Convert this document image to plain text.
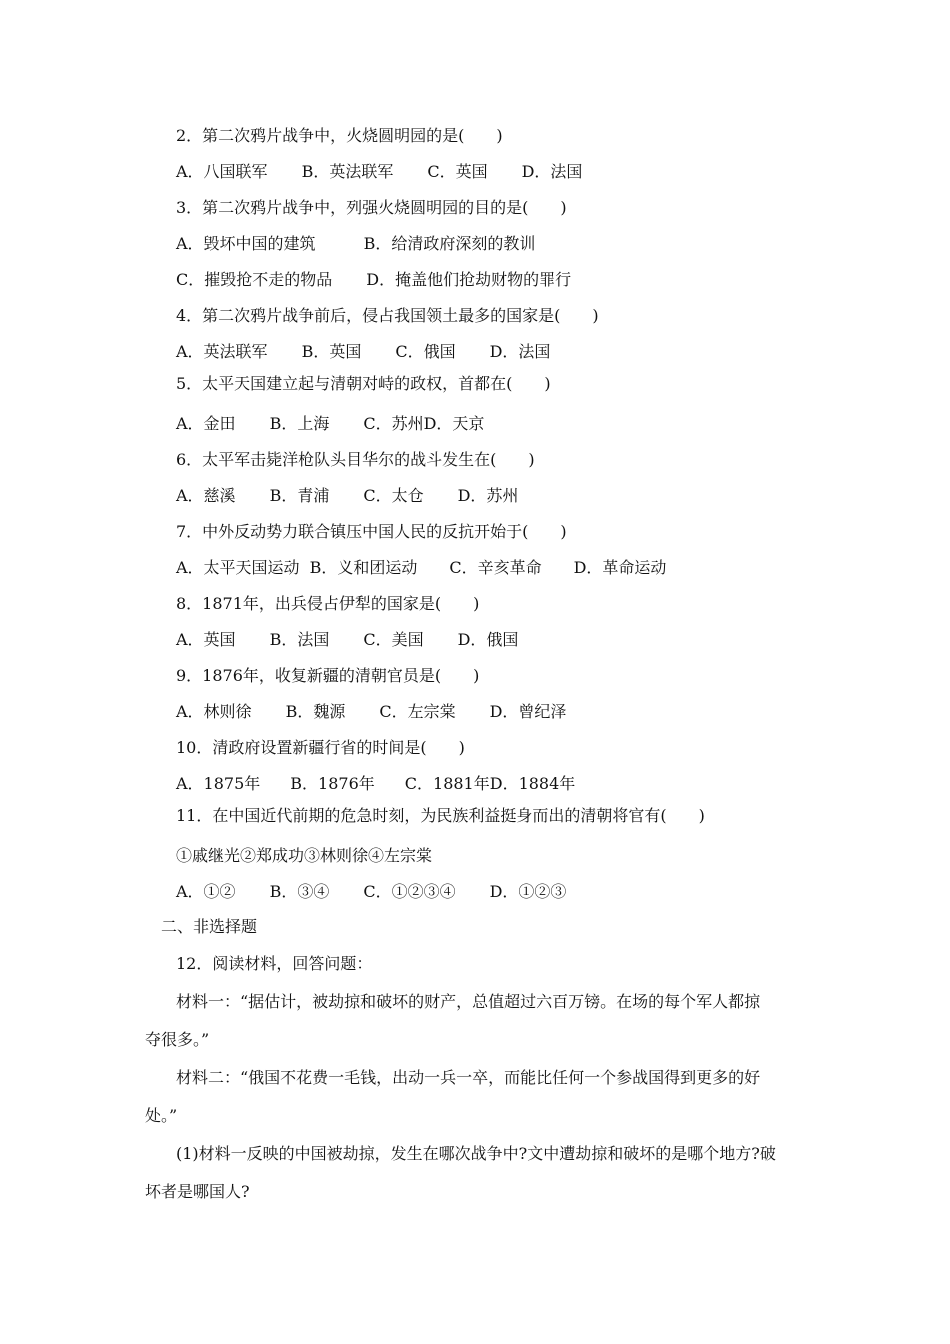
2．第二次鸦片战争中，火烧圆明园的是(　　)
A．八国联军 B．英法联军 C．英国 D．法国
3．第二次鸦片战争中，列强火烧圆明园的目的是(　　)
A．毁坏中国的建筑	B．给清政府深刻的教训
C．摧毁抢不走的物品 D．掩盖他们抢劫财物的罪行
4．第二次鸦片战争前后，侵占我国领土最多的国家是(　　)
A．英法联军 B．英国 C．俄国 D．法国
5．太平天国建立起与清朝对峙的政权，首都在(　　)
A．金田 B．上海 C．苏州D．天京
6．太平军击毙洋枪队头目华尔的战斗发生在(　　)
A．慈溪 B．青浦 C．太仓 D．苏州
7．中外反动势力联合镇压中国人民的反抗开始于(　　)
A．太平天国运动 B．义和团运动 C．辛亥革命 D．革命运动
8．1871年，出兵侵占伊犁的国家是(　　)
A．英国 B．法国 C．美国 D．俄国
9．1876年，收复新疆的清朝官员是(　　)
A．林则徐 B．魏源 C．左宗棠 D．曾纪泽
10．清政府设置新疆行省的时间是(　　)
A．1875年 B．1876年 C．1881年D．1884年
11．在中国近代前期的危急时刻，为民族利益挺身而出的清朝将官有(　　)
①戚继光②郑成功③林则徐④左宗棠
A．①② B．③④ C．①②③④ D．①②③
二、非选择题
12．阅读材料，回答问题：
材料一：“据估计，被劫掠和破坏的财产，总值超过六百万镑。在场的每个军人都掠
夺很多。”
材料二：“俄国不花费一毛钱，出动一兵一卒，而能比任何一个参战国得到更多的好
处。”
(1)材料一反映的中国被劫掠，发生在哪次战争中?文中遭劫掠和破坏的是哪个地方?破
坏者是哪国人?
